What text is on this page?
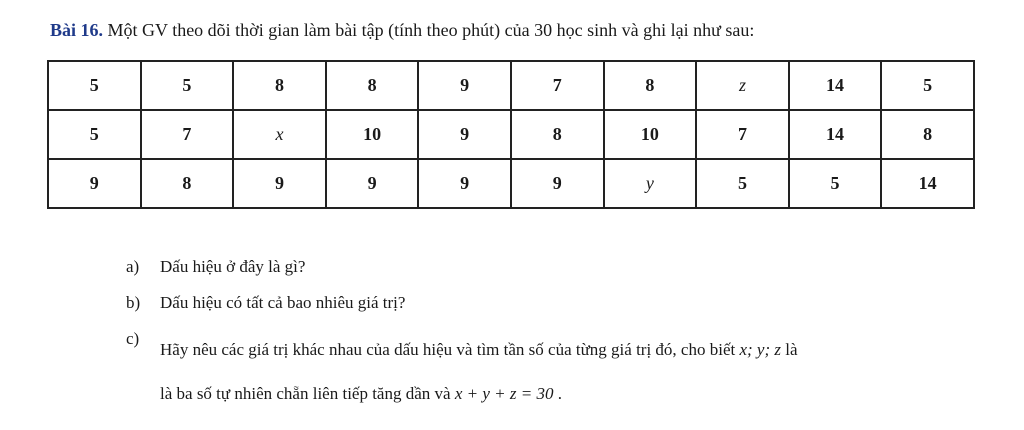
Bài 16. Một GV theo dõi thời gian làm bài tập (tính theo phút) của 30 học sinh và ghi lại như sau:
5	5	8	8	9	7	8	z	14	5
5	7	x	10	9	8	10	7	14	8
9	8	9	9	9	9	y	5	5	14
a)	Dấu hiệu ở đây là gì?
b)	Dấu hiệu có tất cả bao nhiêu giá trị?
c)
Hãy nêu các giá trị khác nhau của dấu hiệu và tìm tần số của từng giá trị đó, cho biết x; y; z là
là ba số tự nhiên chẵn liên tiếp tăng dần và x + y + z = 30 .
